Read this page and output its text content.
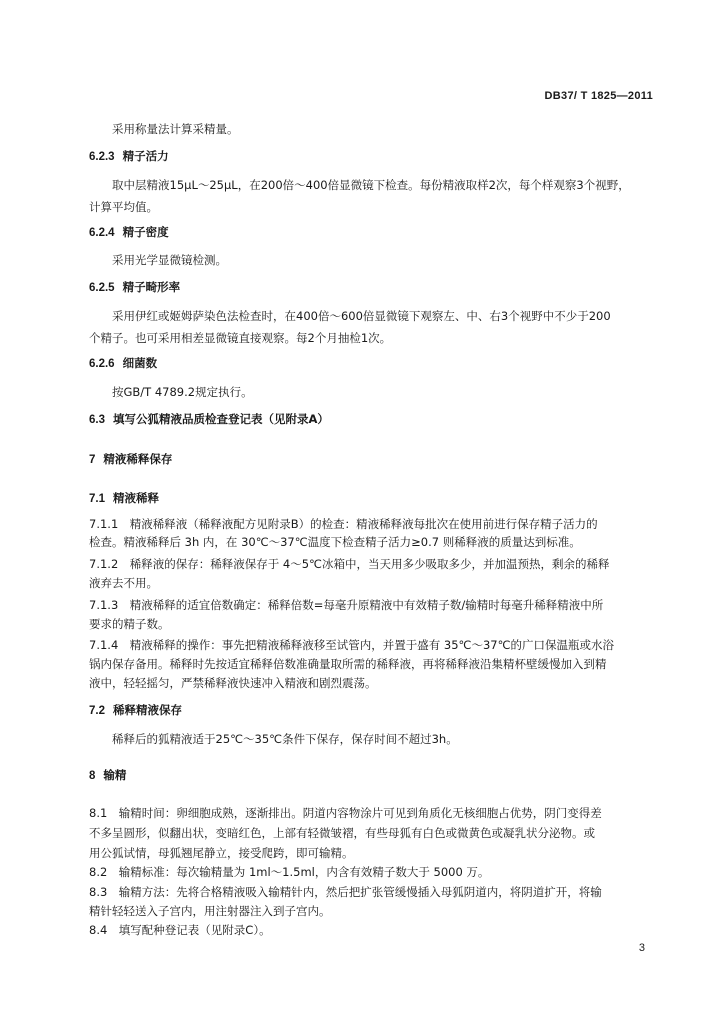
DB37/ T 1825—2011
采用称量法计算采精量。
6.2.3 精子活力
取中层精液15μL～25μL，在200倍～400倍显微镜下检查。每份精液取样2次，每个样观察3个视野，
计算平均值。
6.2.4 精子密度
采用光学显微镜检测。
6.2.5 精子畸形率
采用伊红或姬姆萨染色法检查时，在400倍～600倍显微镜下观察左、中、右3个视野中不少于200
个精子。也可采用相差显微镜直接观察。每2个月抽检1次。
6.2.6 细菌数
按GB/T 4789.2规定执行。
6.3 填写公狐精液品质检查登记表（见附录A）
7 精液稀释保存
7.1 精液稀释
7.1.1　精液稀释液（稀释液配方见附录B）的检查：精液稀释液每批次在使用前进行保存精子活力的
检查。精液稀释后 3h 内，在 30℃～37℃温度下检查精子活力≥0.7 则稀释液的质量达到标准。
7.1.2　稀释液的保存：稀释液保存于 4～5℃冰箱中，当天用多少吸取多少，并加温预热，剩余的稀释
液弃去不用。
7.1.3　精液稀释的适宜倍数确定：稀释倍数=每毫升原精液中有效精子数/输精时每毫升稀释精液中所
要求的精子数。
7.1.4　精液稀释的操作：事先把精液稀释液移至试管内，并置于盛有 35℃～37℃的广口保温瓶或水浴
锅内保存备用。稀释时先按适宜稀释倍数准确量取所需的稀释液，再将稀释液沿集精杯壁缓慢加入到精
液中，轻轻摇匀，严禁稀释液快速冲入精液和剧烈震荡。
7.2 稀释精液保存
稀释后的狐精液适于25℃～35℃条件下保存，保存时间不超过3h。
8 输精
8.1　输精时间：卵细胞成熟，逐渐排出。阴道内容物涂片可见到角质化无核细胞占优势，阴门变得差
不多呈圆形，似翻出状，变暗红色，上部有轻微皱褶，有些母狐有白色或微黄色或凝乳状分泌物。或
用公狐试情，母狐翘尾静立，接受爬跨，即可输精。
8.2　输精标准：每次输精量为 1ml～1.5ml，内含有效精子数大于 5000 万。
8.3　输精方法：先将合格精液吸入输精针内，然后把扩张管缓慢插入母狐阴道内，将阴道扩开，将输
精针轻轻送入子宫内，用注射器注入到子宫内。
8.4　填写配种登记表（见附录C）。
3
